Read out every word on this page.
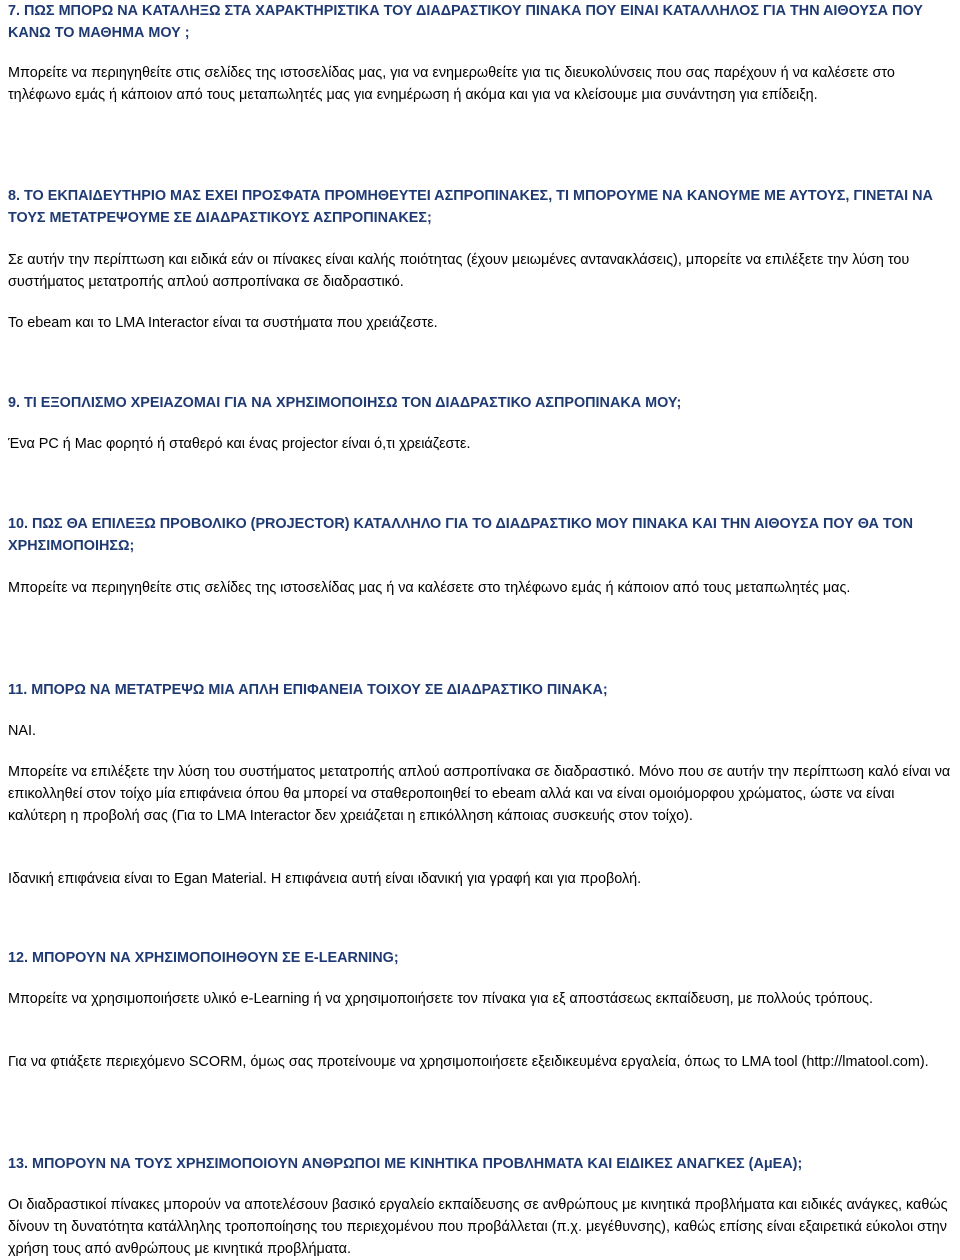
7. ΠΩΣ ΜΠΟΡΩ ΝΑ ΚΑΤΑΛΗΞΩ ΣΤΑ ΧΑΡΑΚΤΗΡΙΣΤΙΚΑ ΤΟΥ ΔΙΑΔΡΑΣΤΙΚΟΥ ΠΙΝΑΚΑ ΠΟΥ ΕΙΝΑΙ ΚΑΤΑΛΛΗΛΟΣ ΓΙΑ ΤΗΝ ΑΙΘΟΥΣΑ ΠΟΥ ΚΑΝΩ ΤΟ ΜΑΘΗΜΑ ΜΟΥ ;

Μπορείτε να περιηγηθείτε στις σελίδες της ιστοσελίδας μας, για να ενημερωθείτε για τις διευκολύνσεις που σας παρέχουν ή να καλέσετε στο τηλέφωνο εμάς ή κάποιον από τους μεταπωλητές μας για ενημέρωση ή ακόμα και για να κλείσουμε μια συνάντηση για επίδειξη.

8. ΤΟ ΕΚΠΑΙΔΕΥΤΗΡΙΟ ΜΑΣ ΕΧΕΙ ΠΡΟΣΦΑΤΑ ΠΡΟΜΗΘΕΥΤΕΙ ΑΣΠΡΟΠΙΝΑΚΕΣ, ΤΙ ΜΠΟΡΟΥΜΕ ΝΑ ΚΑΝΟΥΜΕ ΜΕ ΑΥΤΟΥΣ, ΓΙΝΕΤΑΙ ΝΑ ΤΟΥΣ ΜΕΤΑΤΡΕΨΟΥΜΕ ΣΕ ΔΙΑΔΡΑΣΤΙΚΟΥΣ ΑΣΠΡΟΠΙΝΑΚΕΣ;

Σε αυτήν την περίπτωση και ειδικά εάν οι πίνακες είναι καλής ποιότητας (έχουν μειωμένες αντανακλάσεις), μπορείτε να επιλέξετε την λύση του συστήματος μετατροπής απλού ασπροπίνακα σε διαδραστικό.

Το ebeam και το LMA Interactor είναι τα συστήματα που χρειάζεστε.

9. ΤΙ ΕΞΟΠΛΙΣΜΟ ΧΡΕΙΑΖΟΜΑΙ ΓΙΑ ΝΑ ΧΡΗΣΙΜΟΠΟΙΗΣΩ ΤΟΝ ΔΙΑΔΡΑΣΤΙΚΟ ΑΣΠΡΟΠΙΝΑΚΑ ΜΟΥ;

Ένα PC ή Mac φορητό ή σταθερό και ένας projector είναι ό,τι χρειάζεστε.

10. ΠΩΣ ΘΑ ΕΠΙΛΕΞΩ ΠΡΟΒΟΛΙΚΟ (PROJECTOR) ΚΑΤΑΛΛΗΛΟ ΓΙΑ ΤΟ ΔΙΑΔΡΑΣΤΙΚΟ ΜΟΥ ΠΙΝΑΚΑ ΚΑΙ ΤΗΝ ΑΙΘΟΥΣΑ ΠΟΥ ΘΑ ΤΟΝ ΧΡΗΣΙΜΟΠΟΙΗΣΩ;

Μπορείτε να περιηγηθείτε στις σελίδες της ιστοσελίδας μας ή να καλέσετε στο τηλέφωνο εμάς ή κάποιον από τους μεταπωλητές μας.

11. ΜΠΟΡΩ ΝΑ ΜΕΤΑΤΡΕΨΩ ΜΙΑ ΑΠΛΗ ΕΠΙΦΑΝΕΙΑ ΤΟΙΧΟΥ ΣΕ ΔΙΑΔΡΑΣΤΙΚΟ ΠΙΝΑΚΑ;

ΝΑΙ.

Μπορείτε να επιλέξετε την λύση του συστήματος μετατροπής απλού ασπροπίνακα σε διαδραστικό. Μόνο που σε αυτήν την περίπτωση καλό είναι να επικολληθεί στον τοίχο μία επιφάνεια όπου θα μπορεί να σταθεροποιηθεί το ebeam αλλά και να είναι ομοιόμορφου χρώματος, ώστε να είναι καλύτερη η προβολή σας (Για το LMA Interactor δεν χρειάζεται η επικόλληση κάποιας συσκευής στον τοίχο).

Ιδανική επιφάνεια είναι το Egan Material. Η επιφάνεια αυτή είναι ιδανική για γραφή και για προβολή.

12. ΜΠΟΡΟΥΝ ΝΑ ΧΡΗΣΙΜΟΠΟΙΗΘΟΥΝ ΣΕ E-LEARNING;

Μπορείτε να χρησιμοποιήσετε υλικό e-Learning ή να χρησιμοποιήσετε τον πίνακα για εξ αποστάσεως εκπαίδευση, με πολλούς τρόπους.

Για να φτιάξετε περιεχόμενο SCORM, όμως σας προτείνουμε να χρησιμοποιήσετε εξειδικευμένα εργαλεία, όπως το LMA tool (http://lmatool.com).

13. ΜΠΟΡΟΥΝ ΝΑ ΤΟΥΣ ΧΡΗΣΙΜΟΠΟΙΟΥΝ ΑΝΘΡΩΠΟΙ ΜΕ ΚΙΝΗΤΙΚΑ ΠΡΟΒΛΗΜΑΤΑ ΚΑΙ ΕΙΔΙΚΕΣ ΑΝΑΓΚΕΣ (ΑμΕΑ);

Οι διαδραστικοί πίνακες μπορούν να αποτελέσουν βασικό εργαλείο εκπαίδευσης σε ανθρώπους με κινητικά προβλήματα και ειδικές ανάγκες, καθώς δίνουν τη δυνατότητα κατάλληλης τροποποίησης του περιεχομένου που προβάλλεται (π.χ. μεγέθυνσης), καθώς επίσης είναι εξαιρετικά εύκολοι στην χρήση τους από ανθρώπους με κινητικά προβλήματα.
